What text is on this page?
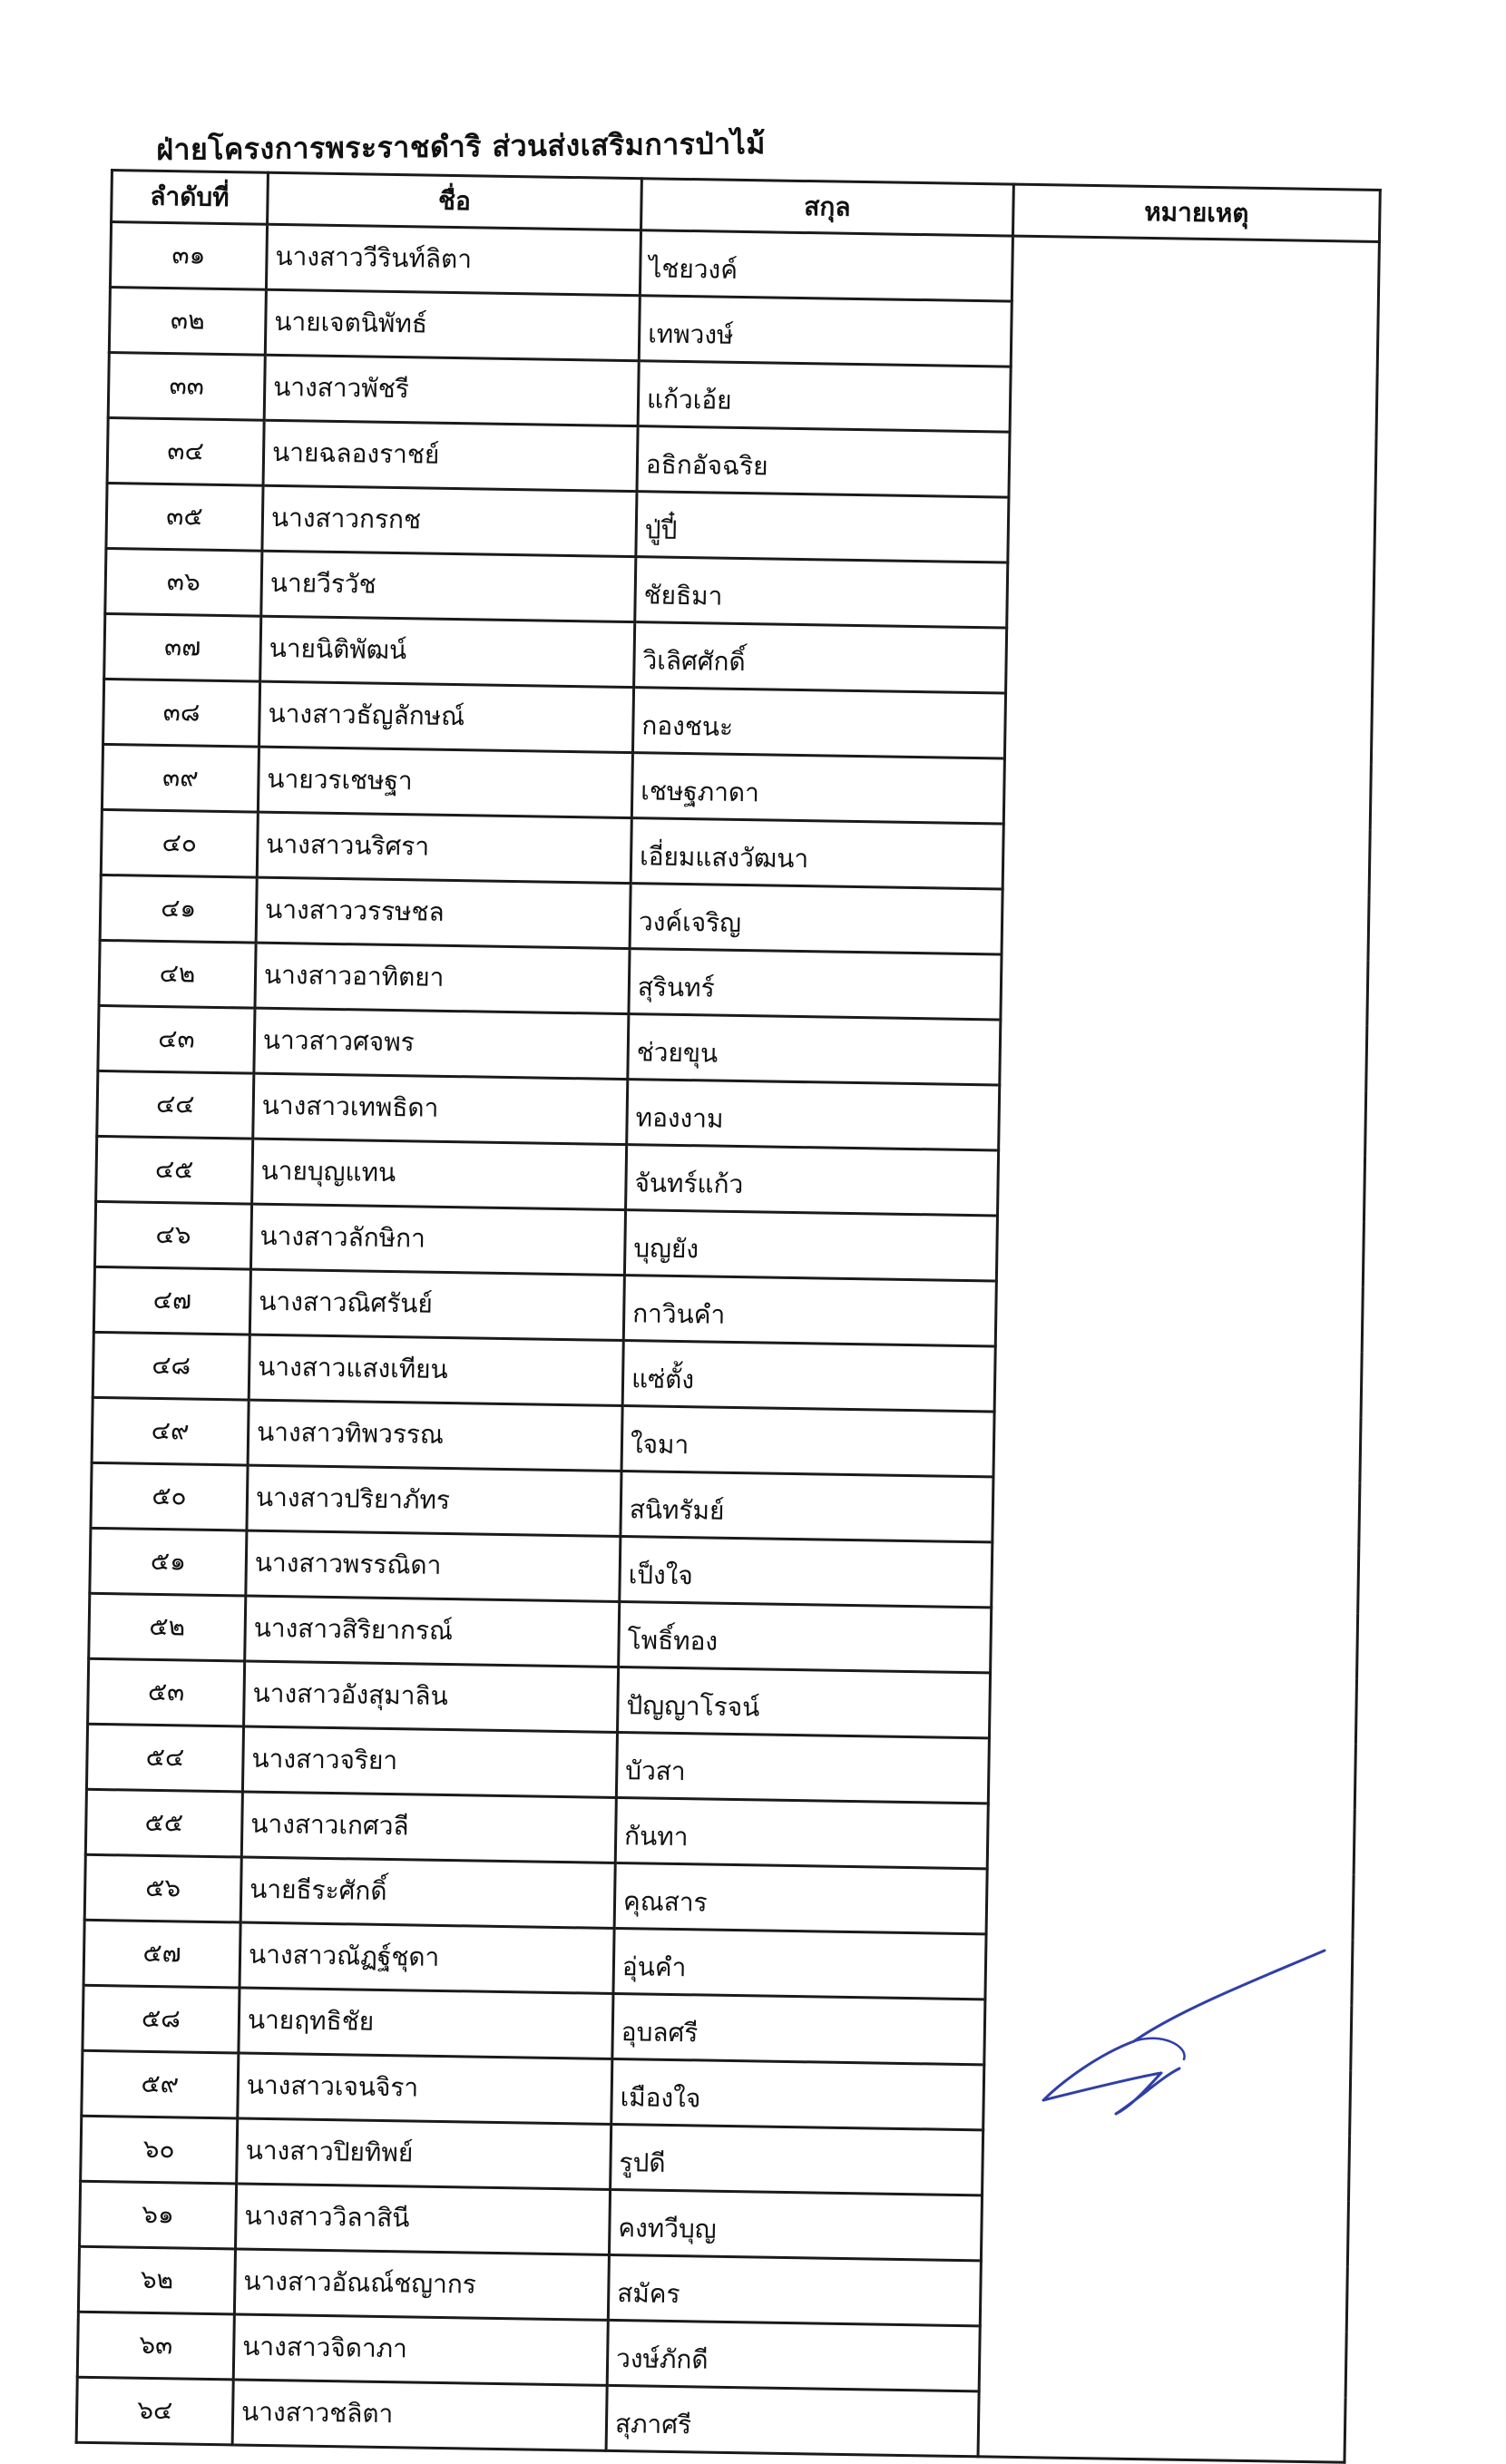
ฝ่ายโครงการพระราชดำริ ส่วนส่งเสริมการป่าไม้
ลำดับที่	ชื่อ	สกุล	หมายเหตุ
๓๑	นางสาววีรินท์ลิตา	ไชยวงค์	
๓๒	นายเจตนิพัทธ์	เทพวงษ์	
๓๓	นางสาวพัชรี	แก้วเอ้ย	
๓๔	นายฉลองราชย์	อธิกอัจฉริย	
๓๕	นางสาวกรกช	ปู่ปี๋	
๓๖	นายวีรวัช	ชัยธิมา	
๓๗	นายนิติพัฒน์	วิเลิศศักดิ์	
๓๘	นางสาวธัญลักษณ์	กองชนะ	
๓๙	นายวรเชษฐา	เชษฐภาดา	
๔๐	นางสาวนริศรา	เอี่ยมแสงวัฒนา	
๔๑	นางสาววรรษชล	วงค์เจริญ	
๔๒	นางสาวอาทิตยา	สุรินทร์	
๔๓	นาวสาวศจพร	ช่วยขุน	
๔๔	นางสาวเทพธิดา	ทองงาม	
๔๕	นายบุญแทน	จันทร์แก้ว	
๔๖	นางสาวลักษิกา	บุญยัง	
๔๗	นางสาวณิศรันย์	กาวินคำ	
๔๘	นางสาวแสงเทียน	แซ่ตั้ง	
๔๙	นางสาวทิพวรรณ	ใจมา	
๕๐	นางสาวปริยาภัทร	สนิทรัมย์	
๕๑	นางสาวพรรณิดา	เป็งใจ	
๕๒	นางสาวสิริยากรณ์	โพธิ์ทอง	
๕๓	นางสาวอังสุมาลิน	ปัญญาโรจน์	
๕๔	นางสาวจริยา	บัวสา	
๕๕	นางสาวเกศวลี	กันทา	
๕๖	นายธีระศักดิ์	คุณสาร	
๕๗	นางสาวณัฏฐ์ชุดา	อุ่นคำ	
๕๘	นายฤทธิชัย	อุบลศรี	
๕๙	นางสาวเจนจิรา	เมืองใจ	
๖๐	นางสาวปิยทิพย์	รูปดี	
๖๑	นางสาววิลาสินี	คงทวีบุญ	
๖๒	นางสาวอัณณ์ชญากร	สมัคร	
๖๓	นางสาวจิดาภา	วงษ์ภักดี	
๖๔	นางสาวชลิตา	สุภาศรี	
